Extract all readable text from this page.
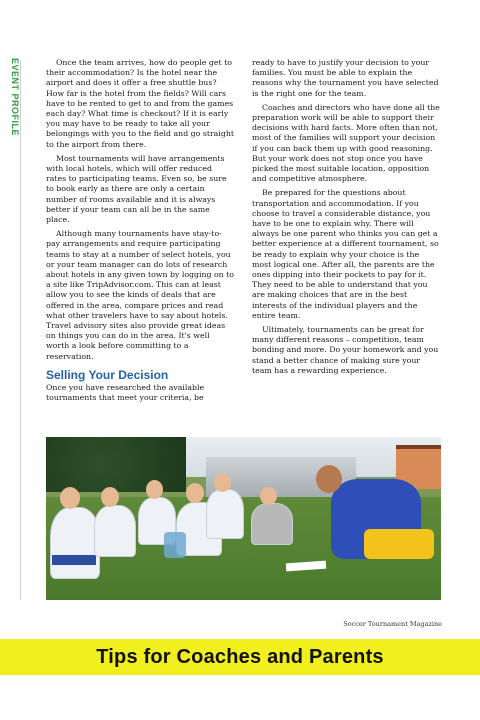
EVENT PROFILE	Once the team arrives, how do people get to their accommodation? Is the hotel near the airport and does it offer a free shuttle bus? How far is the hotel from the fields? Will cars have to be rented to get to and from the games each day? What time is checkout? If it is early you may have to be ready to take all your belongings with you to the field and go straight to the airport from there.

Most tournaments will have arrangements with local hotels, which will offer reduced rates to participating teams. Even so, be sure to book early as there are only a certain number of rooms available and it is always better if your team can all be in the same place.

Although many tournaments have stay-to-pay arrangements and require participating teams to stay at a number of select hotels, you or your team manager can do lots of research about hotels in any given town by logging on to a site like TripAdvisor.com. This can at least allow you to see the kinds of deals that are offered in the area, compare prices and read what other travelers have to say about hotels. Travel advisory sites also provide great ideas on things you can do in the area. It's well worth a look before committing to a reservation.

Selling Your Decision

Once you have researched the available tournaments that meet your criteria, be

ready to have to justify your decision to your families. You must be able to explain the reasons why the tournament you have selected is the right one for the team.

Coaches and directors who have done all the preparation work will be able to support their decisions with hard facts. More often than not, most of the families will support your decision if you can back them up with good reasoning. But your work does not stop once you have picked the most suitable location, opposition and competitive atmosphere.

Be prepared for the questions about transportation and accommodation. If you choose to travel a considerable distance, you have to be one to explain why. There will always be one parent who thinks you can get a better experience at a different tournament, so be ready to explain why your choice is the most logical one. After all, the parents are the ones dipping into their pockets to pay for it. They need to be able to understand that you are making choices that are in the best interests of the individual players and the entire team.

Ultimately, tournaments can be great for many different reasons – competition, team bonding and more. Do your homework and you stand a better chance of making sure your team has a rewarding experience.

Soccer Tournament Magazine
Tips for Coaches and Parents
